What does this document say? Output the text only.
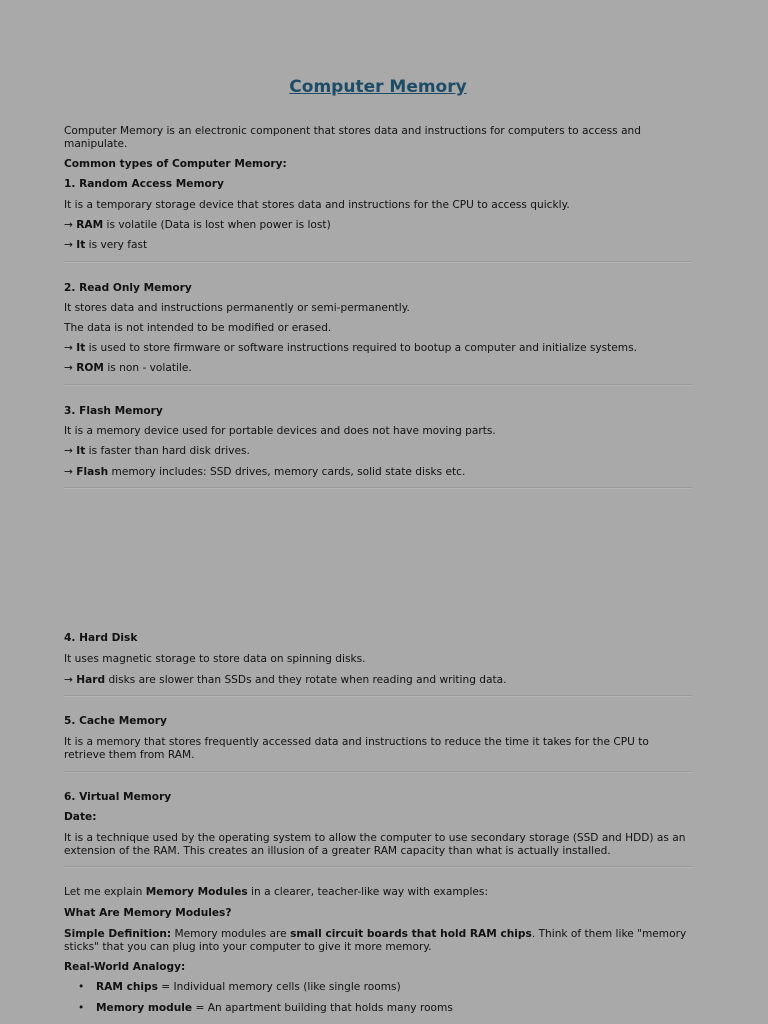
Computer Memory
Computer Memory is an electronic component that stores data and instructions for computers to access and manipulate.
Common types of Computer Memory:
1. Random Access Memory
It is a temporary storage device that stores data and instructions for the CPU to access quickly.
→ RAM is volatile (Data is lost when power is lost)
→ It is very fast
2. Read Only Memory
It stores data and instructions permanently or semi-permanently.
The data is not intended to be modified or erased.
→ It is used to store firmware or software instructions required to bootup a computer and initialize systems.
→ ROM is non - volatile.
3. Flash Memory
It is a memory device used for portable devices and does not have moving parts.
→ It is faster than hard disk drives.
→ Flash memory includes: SSD drives, memory cards, solid state disks etc.
4. Hard Disk
It uses magnetic storage to store data on spinning disks.
→ Hard disks are slower than SSDs and they rotate when reading and writing data.
5. Cache Memory
It is a memory that stores frequently accessed data and instructions to reduce the time it takes for the CPU to retrieve them from RAM.
6. Virtual Memory
Date:
It is a technique used by the operating system to allow the computer to use secondary storage (SSD and HDD) as an extension of the RAM. This creates an illusion of a greater RAM capacity than what is actually installed.
Let me explain Memory Modules in a clearer, teacher-like way with examples:
What Are Memory Modules?
Simple Definition: Memory modules are small circuit boards that hold RAM chips. Think of them like "memory sticks" that you can plug into your computer to give it more memory.
Real-World Analogy:
• RAM chips = Individual memory cells (like single rooms)
• Memory module = An apartment building that holds many rooms
